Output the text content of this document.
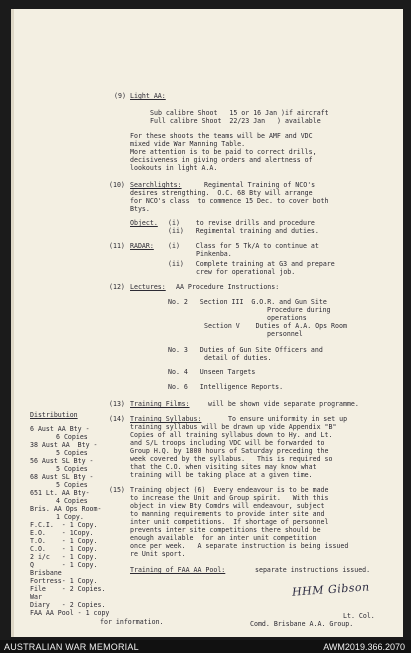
(9) Light AA:
Sub calibre Shoot   15 or 16 Jan )if aircraft
Full calibre Shoot  22/23 Jan   ) available
For these shoots the teams will be AMF and VDC
mixed vide War Manning Table.
More attention is to be paid to correct drills,
decisiveness in giving orders and alertness of
lookouts in light A.A.
(10) Searchlights:	Regimental Training of NCO's
desires strengthing.  O.C. 68 Bty will arrange
for NCO's class  to commence 15 Dec. to cover both
Btys.
Object. (i)    to revise drills and procedure
(ii)   Regimental training and duties.
(11) RADAR: (i)    Class for 5 Tk/A to continue at
Pinkenba.
(ii)   Complete training at G3 and prepare
crew for operational job.
(12) Lectures: AA Procedure Instructions:
No. 2   Section III  G.O.R. and Gun Site
Procedure during
operations
Section V    Duties of A.A. Ops Room
personnel
No. 3   Duties of Gun Site Officers and
detail of duties.
No. 4   Unseen Targets
No. 6   Intelligence Reports.
(13) Training Films:	will be shown vide separate programme.
Distribution
6 Aust AA Bty -
6 Copies
38 Aust AA  Bty -
5 Copies
56 Aust SL Bty -
5 Copies
68 Aust SL Bty -
5 Copies
651 Lt. AA Bty-
4 Copies
Bris. AA Ops Room-
1 Copy.
F.C.I.  - 1 Copy.
E.O.    - 1Copy.
T.O.    - 1 Copy.
C.O.    - 1 Copy.
2 i/c   - 1 Copy.
Q       - 1 Copy.
Brisbane
Fortress- 1 Copy.
File    - 2 Copies.
War
Diary   - 2 Copies.
FAA AA Pool - 1 copy
for information.
(14) Training Syllabus:	To ensure uniformity in set up
training syllabus will be drawn up vide Appendix "B"
Copies of all training syllabus down to Hy. and Lt.
and S/L troops including VDC will be forwarded to
Group H.Q. by 1800 hours of Saturday preceding the
week covered by the syllabus.   This is required so
that the C.O. when visiting sites may know what
training will be taking place at a given time.
(15) Training object (6)  Every endeavour is to be made
to increase the Unit and Group spirit.   With this
object in view Bty Comdrs will endeavour, subject
to manning requirements to provide inter site and
inter unit competitions.  If shortage of personnel
prevents inter site competitions there should be
enough available  for an inter unit competition
once per week.   A separate instruction is being issued
re Unit sport.
Training of FAA AA Pool:	separate instructions issued.
HHM Gibson
Lt. Col.
Comd. Brisbane A.A. Group.
AUSTRALIAN WAR MEMORIAL	AWM2019.366.2070
